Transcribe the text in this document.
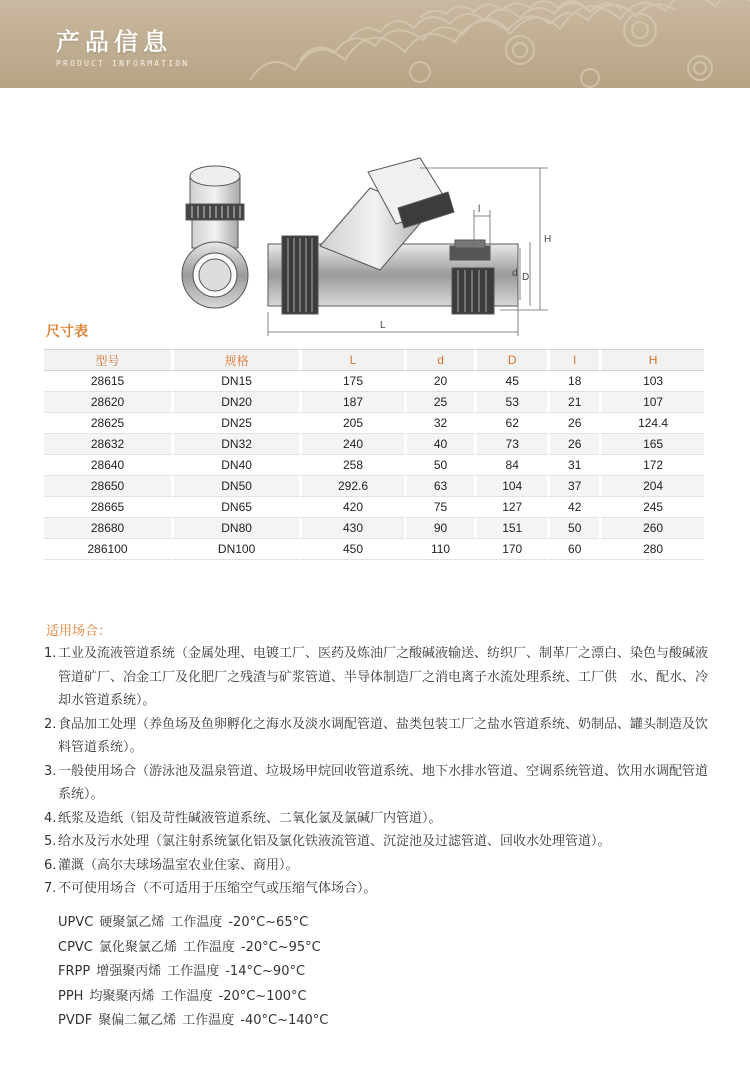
产品信息
PRODUCT INFORMATION
L
H
d D
l
尺寸表
型号	规格	L	d	D	l	H
28615	DN15	175	20	45	18	103
28620	DN20	187	25	53	21	107
28625	DN25	205	32	62	26	124.4
28632	DN32	240	40	73	26	165
28640	DN40	258	50	84	31	172
28650	DN50	292.6	63	104	37	204
28665	DN65	420	75	127	42	245
28680	DN80	430	90	151	50	260
286100	DN100	450	110	170	60	280
适用场合：
1. 工业及流液管道系统（金属处理、电镀工厂、医药及炼油厂之酸碱液输送、纺织厂、制革厂之漂白、染色与酸碱液管道矿厂、冶金工厂及化肥厂之残渣与矿浆管道、半导体制造厂之消电离子水流处理系统、工厂供　水、配水、冷却水管道系统）。
2. 食品加工处理（养鱼场及鱼卵孵化之海水及淡水调配管道、盐类包装工厂之盐水管道系统、奶制品、罐头制造及饮料管道系统）。
3. 一般使用场合（游泳池及温泉管道、垃圾场甲烷回收管道系统、地下水排水管道、空调系统管道、饮用水调配管道系统）。
4. 纸浆及造纸（铝及苛性碱液管道系统、二氧化氯及氯碱厂内管道）。
5. 给水及污水处理（氯注射系统氯化铝及氯化铁液流管道、沉淀池及过滤管道、回收水处理管道）。
6. 灌溉（高尔夫球场温室农业住家、商用）。
7. 不可使用场合（不可适用于压缩空气或压缩气体场合）。
UPVC 硬聚氯乙烯 工作温度 -20°C~65°C
CPVC 氯化聚氯乙烯 工作温度 -20°C~95°C
FRPP 增强聚丙烯 工作温度 -14°C~90°C
PPH 均聚聚丙烯 工作温度 -20°C~100°C
PVDF 聚偏二氟乙烯 工作温度 -40°C~140°C
